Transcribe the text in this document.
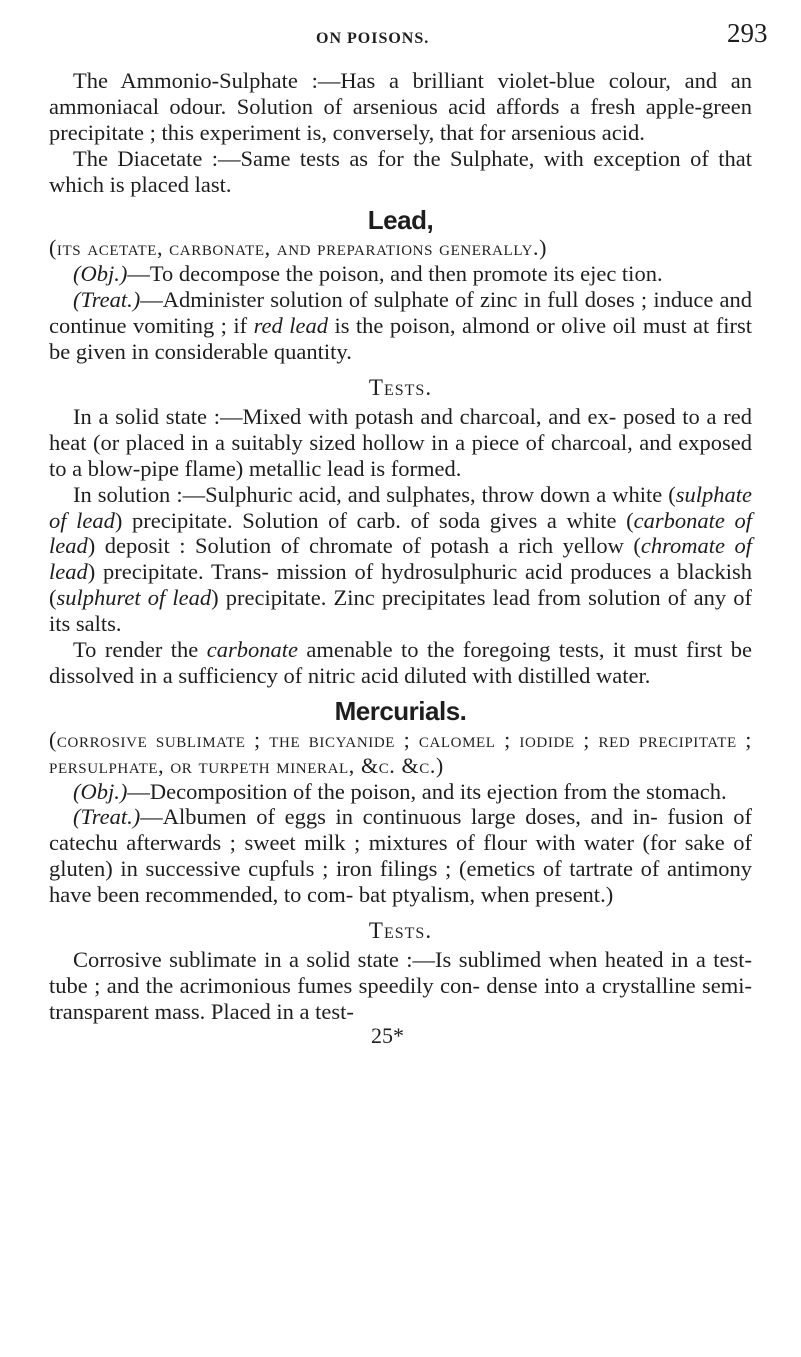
ON POISONS.	293

The Ammonio-Sulphate :—Has a brilliant violet-blue colour, and an ammoniacal odour. Solution of arsenious acid affords a fresh apple-green precipitate ; this experiment is, conversely, that for arsenious acid.

The Diacetate :—Same tests as for the Sulphate, with exception of that which is placed last.

Lead,
(its acetate, carbonate, and preparations generally.)

(Obj.)—To decompose the poison, and then promote its ejec tion.

(Treat.)—Administer solution of sulphate of zinc in full doses ; induce and continue vomiting ; if red lead is the poison, almond or olive oil must at first be given in considerable quantity.

Tests.

In a solid state :—Mixed with potash and charcoal, and ex- posed to a red heat (or placed in a suitably sized hollow in a piece of charcoal, and exposed to a blow-pipe flame) metallic lead is formed.

In solution :—Sulphuric acid, and sulphates, throw down a white (sulphate of lead) precipitate. Solution of carb. of soda gives a white (carbonate of lead) deposit : Solution of chromate of potash a rich yellow (chromate of lead) precipitate. Trans- mission of hydrosulphuric acid produces a blackish (sulphuret of lead) precipitate. Zinc precipitates lead from solution of any of its salts.

To render the carbonate amenable to the foregoing tests, it must first be dissolved in a sufficiency of nitric acid diluted with distilled water.

Mercurials.
(corrosive sublimate ; the bicyanide ; calomel ; iodide ; red precipitate ; persulphate, or turpeth mineral, &c. &c.)

(Obj.)—Decomposition of the poison, and its ejection from the stomach.

(Treat.)—Albumen of eggs in continuous large doses, and in- fusion of catechu afterwards ; sweet milk ; mixtures of flour with water (for sake of gluten) in successive cupfuls ; iron filings ; (emetics of tartrate of antimony have been recommended, to com- bat ptyalism, when present.)

Tests.

Corrosive sublimate in a solid state :—Is sublimed when heated in a test-tube ; and the acrimonious fumes speedily con- dense into a crystalline semi-transparent mass. Placed in a test-

25*
